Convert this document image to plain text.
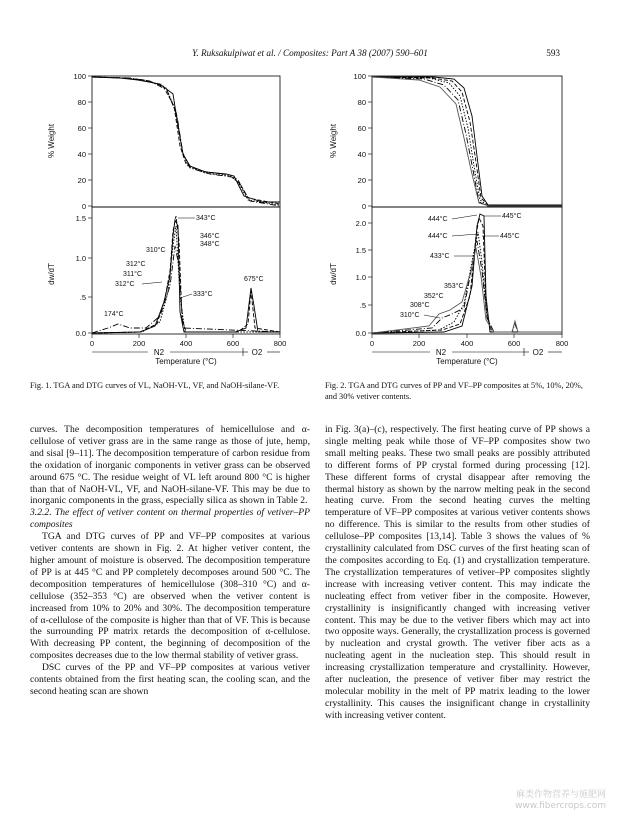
Y. Ruksakulpiwat et al. / Composites: Part A 38 (2007) 590–601	593
100
80
60
40
20
0
% Weight
1.5
1.0
.5
0.0
dw/dT
0	200	400	600	800
N2	O2
Temperature (°C)
343°C
346°C
348°C
310°C
312°C
311°C
312°C
333°C
174°C
675°C
100
80
60
40
20
0
% Weight
2.0
1.5
1.0
.5
0.0
dw/dT
0	200	400	600	800
N2	O2
Temperature (°C)
444°C	445°C
444°C	445°C
433°C
353°C
352°C
308°C
310°C
Fig. 1. TGA and DTG curves of VL, NaOH-VL, VF, and NaOH-silane-VF.	Fig. 2. TGA and DTG curves of PP and VF–PP composites at 5%, 10%, 20%, and 30% vetiver contents.

curves. The decomposition temperatures of hemicellulose and α-cellulose of vetiver grass are in the same range as those of jute, hemp, and sisal [9–11]. The decomposition temperature of carbon residue from the oxidation of inorganic components in vetiver grass can be observed around 675 °C. The residue weight of VL left around 800 °C is higher than that of NaOH-VL, VF, and NaOH-silane-VF. This may be due to inorganic components in the grass, especially silica as shown in Table 2.

3.2.2. The effect of vetiver content on thermal properties of vetiver–PP composites

TGA and DTG curves of PP and VF–PP composites at various vetiver contents are shown in Fig. 2. At higher vetiver content, the higher amount of moisture is observed. The decomposition temperature of PP is at 445 °C and PP completely decomposes around 500 °C. The decomposition temperatures of hemicellulose (308–310 °C) and α-cellulose (352–353 °C) are observed when the vetiver content is increased from 10% to 20% and 30%. The decomposition temperature of α-cellulose of the composite is higher than that of VF. This is because the surrounding PP matrix retards the decomposition of α-cellulose. With decreasing PP content, the beginning of decomposition of the composites decreases due to the low thermal stability of vetiver grass.

DSC curves of the PP and VF–PP composites at various vetiver contents obtained from the first heating scan, the cooling scan, and the second heating scan are shown

in Fig. 3(a)–(c), respectively. The first heating curve of PP shows a single melting peak while those of VF–PP composites show two small melting peaks. These two small peaks are possibly attributed to different forms of PP crystal formed during processing [12]. These different forms of crystal disappear after removing the thermal history as shown by the narrow melting peak in the second heating curve. From the second heating curves the melting temperature of VF–PP composites at various vetiver contents shows no difference. This is similar to the results from other studies of cellulose–PP composites [13,14]. Table 3 shows the values of % crystallinity calculated from DSC curves of the first heating scan of the composites according to Eq. (1) and crystallization temperature. The crystallization temperatures of vetiver–PP composites slightly increase with increasing vetiver content. This may indicate the nucleating effect from vetiver fiber in the composite. However, crystallinity is insignificantly changed with increasing vetiver content. This may be due to the vetiver fibers which may act into two opposite ways. Generally, the crystallization process is governed by nucleation and crystal growth. The vetiver fiber acts as a nucleating agent in the nucleation step. This should result in increasing crystallization temperature and crystallinity. However, after nucleation, the presence of vetiver fiber may restrict the molecular mobility in the melt of PP matrix leading to the lower crystallinity. This causes the insignificant change in crystallinity with increasing vetiver content.

麻类作物营养与施肥网
www.fibercrops.com
